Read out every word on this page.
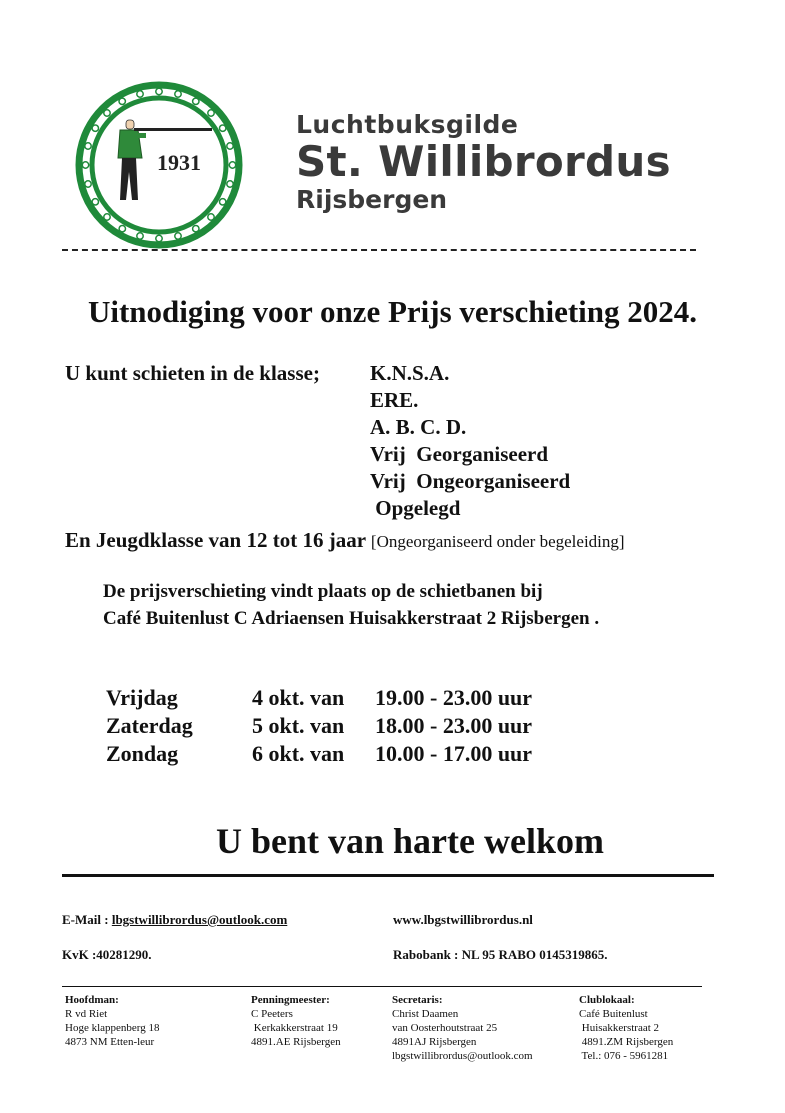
1931
Luchtbuksgilde
St. Willibrordus
Rijsbergen
Uitnodiging voor onze Prijs verschieting 2024.
U kunt schieten in de klasse; K.N.S.A.
ERE.
A. B. C. D.
Vrij  Georganiseerd
Vrij  Ongeorganiseerd
Opgelegd
En Jeugdklasse van 12 tot 16 jaar [Ongeorganiseerd onder begeleiding]
De prijsverschieting vindt plaats op de schietbanen bij
Café Buitenlust C Adriaensen Huisakkerstraat 2 Rijsbergen .
Vrijdag	4 okt. van 19.00 - 23.00 uur
Zaterdag	5 okt. van 18.00 - 23.00 uur
Zondag	6 okt. van 10.00 - 17.00 uur
U bent van harte welkom
E-Mail : lbgstwillibrordus@outlook.com	www.lbgstwillibrordus.nl
KvK :40281290.	Rabobank : NL 95 RABO 0145319865.
Hoofdman:
R vd Riet
Hoge klappenberg 18
4873 NM Etten-leur
Penningmeester:
C Peeters
Kerkakkerstraat 19
4891.AE Rijsbergen
Secretaris:
Christ Daamen
van Oosterhoutstraat 25
4891AJ Rijsbergen
lbgstwillibrordus@outlook.com
Clublokaal:
Café Buitenlust
Huisakkerstraat 2
4891.ZM Rijsbergen
Tel.: 076 - 5961281
